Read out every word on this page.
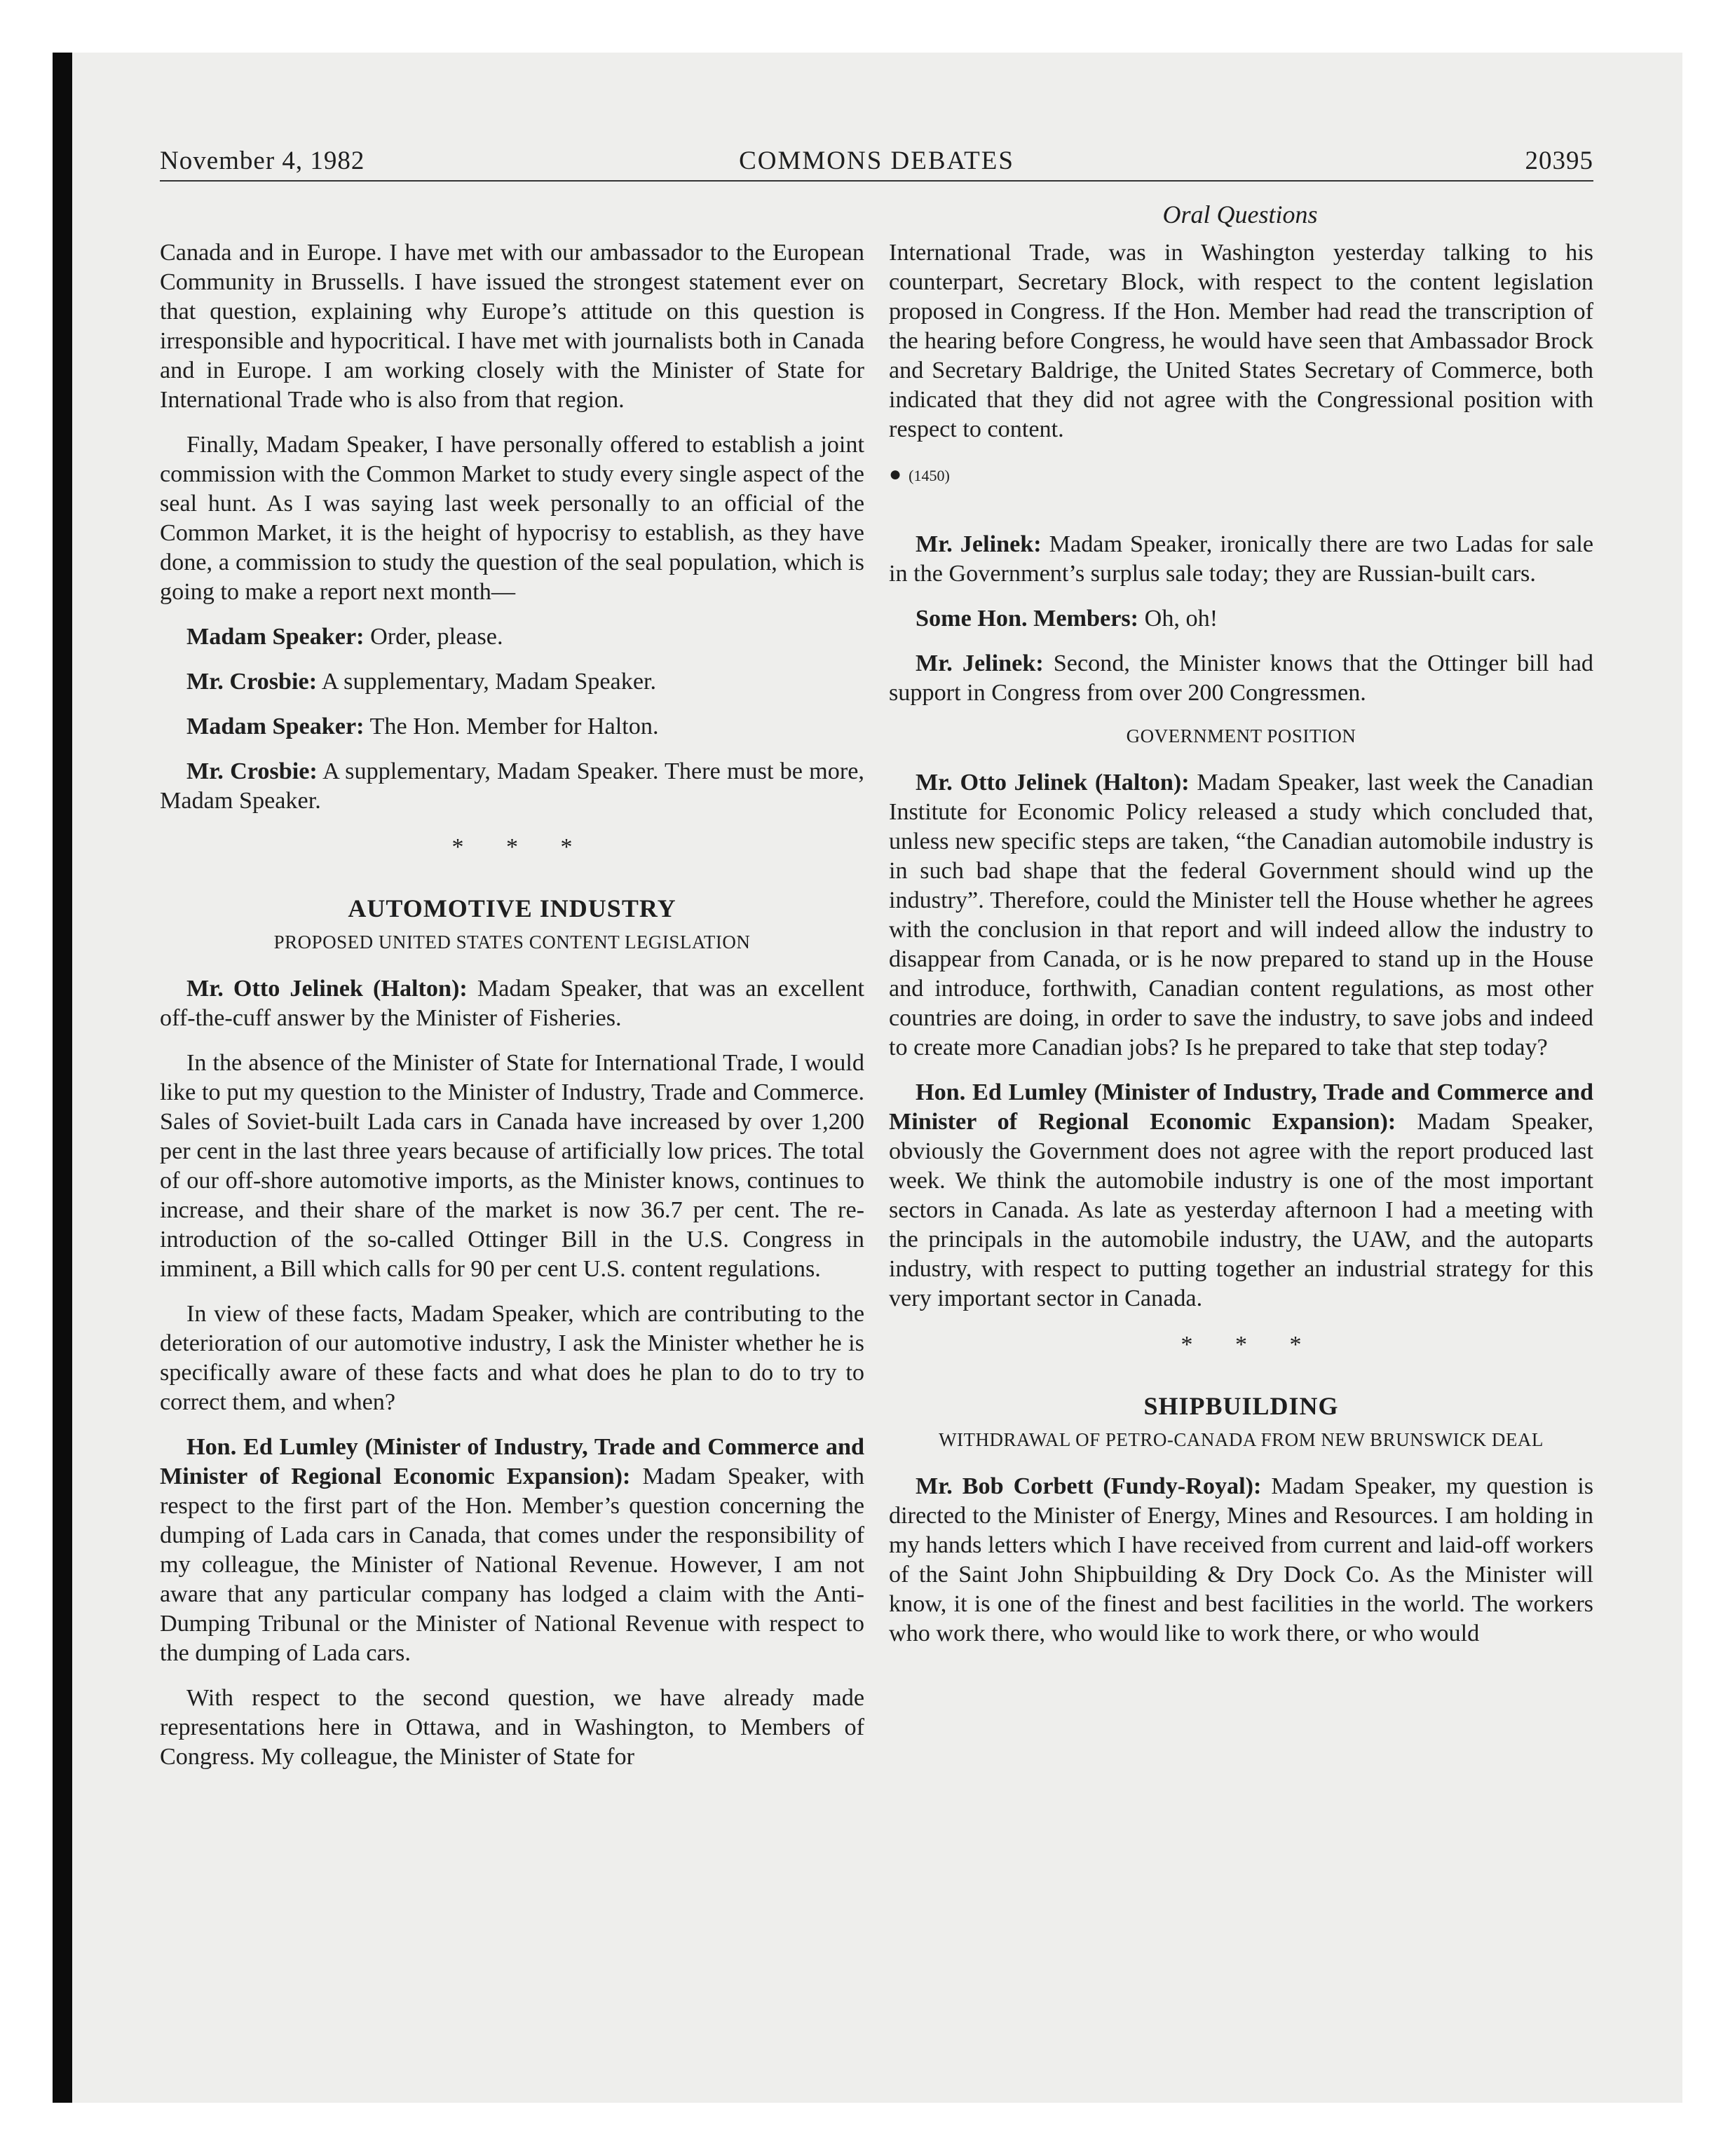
November 4, 1982	COMMONS DEBATES	20395
Oral Questions

Canada and in Europe. I have met with our ambassador to the European Community in Brussells. I have issued the strongest statement ever on that question, explaining why Europe’s attitude on this question is irresponsible and hypocritical. I have met with journalists both in Canada and in Europe. I am working closely with the Minister of State for International Trade who is also from that region.

Finally, Madam Speaker, I have personally offered to establish a joint commission with the Common Market to study every single aspect of the seal hunt. As I was saying last week personally to an official of the Common Market, it is the height of hypocrisy to establish, as they have done, a commission to study the question of the seal population, which is going to make a report next month—

Madam Speaker: Order, please.

Mr. Crosbie: A supplementary, Madam Speaker.

Madam Speaker: The Hon. Member for Halton.

Mr. Crosbie: A supplementary, Madam Speaker. There must be more, Madam Speaker.

* * *
AUTOMOTIVE INDUSTRY
PROPOSED UNITED STATES CONTENT LEGISLATION

Mr. Otto Jelinek (Halton): Madam Speaker, that was an excellent off-the-cuff answer by the Minister of Fisheries.

In the absence of the Minister of State for International Trade, I would like to put my question to the Minister of Industry, Trade and Commerce. Sales of Soviet-built Lada cars in Canada have increased by over 1,200 per cent in the last three years because of artificially low prices. The total of our off-shore automotive imports, as the Minister knows, continues to increase, and their share of the market is now 36.7 per cent. The re-introduction of the so-called Ottinger Bill in the U.S. Congress in imminent, a Bill which calls for 90 per cent U.S. content regulations.

In view of these facts, Madam Speaker, which are contributing to the deterioration of our automotive industry, I ask the Minister whether he is specifically aware of these facts and what does he plan to do to try to correct them, and when?

Hon. Ed Lumley (Minister of Industry, Trade and Commerce and Minister of Regional Economic Expansion): Madam Speaker, with respect to the first part of the Hon. Member’s question concerning the dumping of Lada cars in Canada, that comes under the responsibility of my colleague, the Minister of National Revenue. However, I am not aware that any particular company has lodged a claim with the Anti-Dumping Tribunal or the Minister of National Revenue with respect to the dumping of Lada cars.

With respect to the second question, we have already made representations here in Ottawa, and in Washington, to Members of Congress. My colleague, the Minister of State for

International Trade, was in Washington yesterday talking to his counterpart, Secretary Block, with respect to the content legislation proposed in Congress. If the Hon. Member had read the transcription of the hearing before Congress, he would have seen that Ambassador Brock and Secretary Baldrige, the United States Secretary of Commerce, both indicated that they did not agree with the Congressional position with respect to content.

● (1450)

Mr. Jelinek: Madam Speaker, ironically there are two Ladas for sale in the Government’s surplus sale today; they are Russian-built cars.

Some Hon. Members: Oh, oh!

Mr. Jelinek: Second, the Minister knows that the Ottinger bill had support in Congress from over 200 Congressmen.

GOVERNMENT POSITION

Mr. Otto Jelinek (Halton): Madam Speaker, last week the Canadian Institute for Economic Policy released a study which concluded that, unless new specific steps are taken, “the Canadian automobile industry is in such bad shape that the federal Government should wind up the industry”. Therefore, could the Minister tell the House whether he agrees with the conclusion in that report and will indeed allow the industry to disappear from Canada, or is he now prepared to stand up in the House and introduce, forthwith, Canadian content regulations, as most other countries are doing, in order to save the industry, to save jobs and indeed to create more Canadian jobs? Is he prepared to take that step today?

Hon. Ed Lumley (Minister of Industry, Trade and Commerce and Minister of Regional Economic Expansion): Madam Speaker, obviously the Government does not agree with the report produced last week. We think the automobile industry is one of the most important sectors in Canada. As late as yesterday afternoon I had a meeting with the principals in the automobile industry, the UAW, and the autoparts industry, with respect to putting together an industrial strategy for this very important sector in Canada.

* * *
SHIPBUILDING
WITHDRAWAL OF PETRO-CANADA FROM NEW BRUNSWICK DEAL

Mr. Bob Corbett (Fundy-Royal): Madam Speaker, my question is directed to the Minister of Energy, Mines and Resources. I am holding in my hands letters which I have received from current and laid-off workers of the Saint John Shipbuilding & Dry Dock Co. As the Minister will know, it is one of the finest and best facilities in the world. The workers who work there, who would like to work there, or who would
